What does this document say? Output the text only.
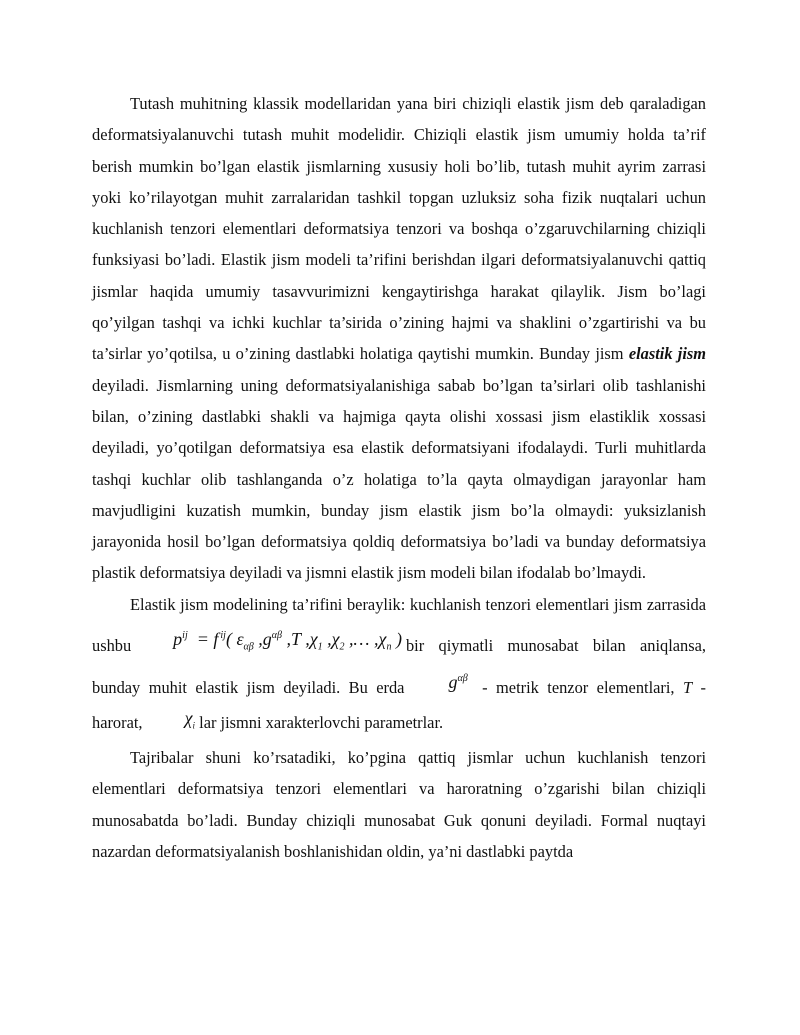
Tutash muhitning klassik modellaridan yana biri chiziqli elastik jism deb qaraladigan deformatsiyalanuvchi tutash muhit modelidir. Chiziqli elastik jism umumiy holda ta’rif berish mumkin bo’lgan elastik jismlarning xususiy holi bo’lib, tutash muhit ayrim zarrasi yoki ko’rilayotgan muhit zarralaridan tashkil topgan uzluksiz soha fizik nuqtalari uchun kuchlanish tenzori elementlari deformatsiya tenzori va boshqa o’zgaruvchilarning chiziqli funksiyasi bo’ladi. Elastik jism modeli ta’rifini berishdan ilgari deformatsiyalanuvchi qattiq jismlar haqida umumiy tasavvurimizni kengaytirishga harakat qilaylik. Jism bo’lagi qo’yilgan tashqi va ichki kuchlar ta’sirida o’zining hajmi va shaklini o’zgartirishi va bu ta’sirlar yo’qotilsa, u o’zining dastlabki holatiga qaytishi mumkin. Bunday jism elastik jism deyiladi. Jismlarning uning deformatsiyalanishiga sabab bo’lgan ta’sirlari olib tashlanishi bilan, o’zining dastlabki shakli va hajmiga qayta olishi xossasi jism elastiklik xossasi deyiladi, yo’qotilgan deformatsiya esa elastik deformatsiyani ifodalaydi. Turli muhitlarda tashqi kuchlar olib tashlanganda o’z holatiga to’la qayta olmaydigan jarayonlar ham mavjudligini kuzatish mumkin, bunday jism elastik jism bo’la olmaydi: yuksizlanish jarayonida hosil bo’lgan deformatsiya qoldiq deformatsiya bo’ladi va bunday deformatsiya plastik deformatsiya deyiladi va jismni elastik jism modeli bilan ifodalab bo’lmaydi.

Elastik jism modelining ta’rifini beraylik: kuchlanish tenzori elementlari jism zarrasida ushbu $p^{ij} = f$ $^{ij}$( $\varepsilon_{\alpha\beta}$ $,g^{\alpha\beta}$ ,T $,\chi_1$ $,\chi_2$ ,… $,\chi_n$ ) bir qiymatli munosabat bilan aniqlansa, bunday muhit elastik jism deyiladi. Bu erda $g^{\alpha\beta}$ - metrik tenzor elementlari, T - harorat, $\chi_i$ lar jismni xarakterlovchi parametrlar.

Tajribalar shuni ko’rsatadiki, ko’pgina qattiq jismlar uchun kuchlanish tenzori elementlari deformatsiya tenzori elementlari va haroratning o’zgarishi bilan chiziqli munosabatda bo’ladi. Bunday chiziqli munosabat Guk qonuni deyiladi. Formal nuqtayi nazardan deformatsiyalanish boshlanishidan oldin, ya’ni dastlabki paytda
